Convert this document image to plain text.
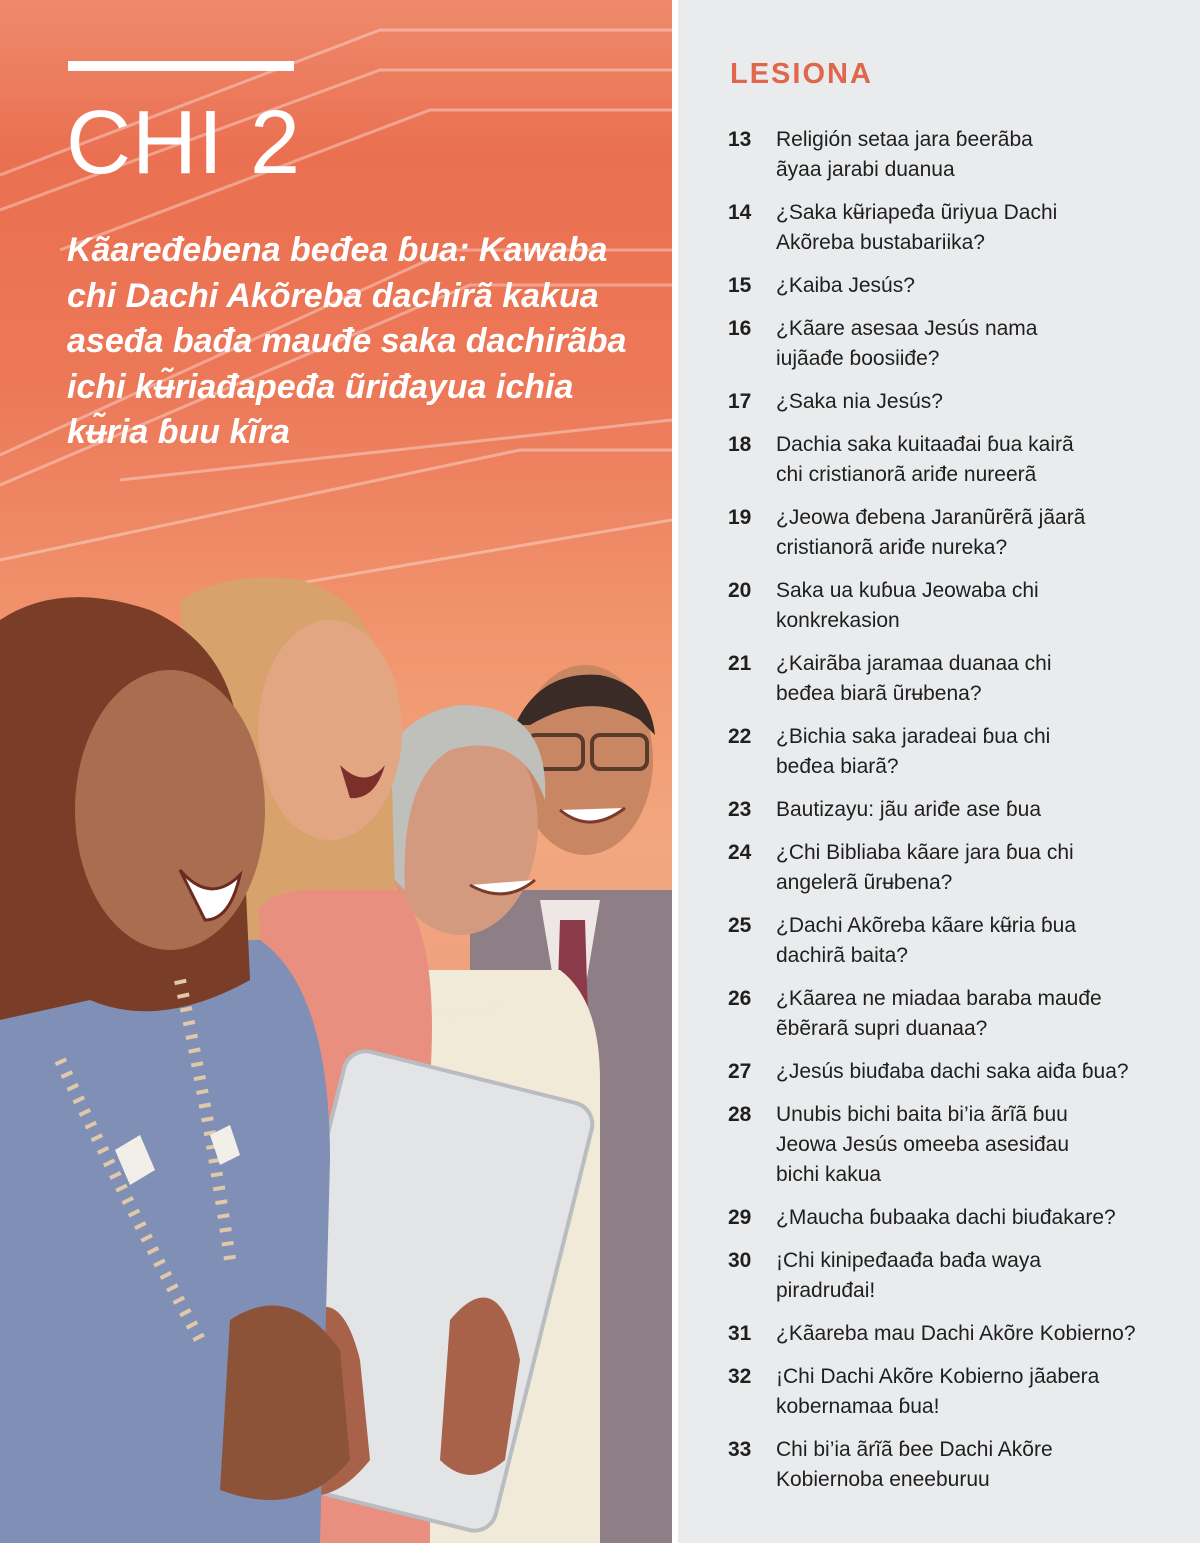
CHI 2

Kãaređebena beđea ɓua: Kawaba chi Dachi Akõreba dachirã kakua aseđa bađa mauđe saka dachirãba ichi kʉ̃riađapeđa ũriđayua ichia kʉ̃ria ɓuu kĩra

LESIONA
13	Religión setaa jara ɓeerãba
ãyaa jarabi duanua
14	¿Saka kʉ̃riapeđa ũriyua Dachi
Akõreba bustabariika?
15	¿Kaiba Jesús?
16	¿Kãare asesaa Jesús nama
iujãađe ɓoosiiđe?
17	¿Saka nia Jesús?
18	Dachia saka kuitaađai ɓua kairã
chi cristianorã ariđe nureerã
19	¿Jeowa đebena Jaranũrẽrã jãarã
cristianorã ariđe nureka?
20	Saka ua kuɓua Jeowaba chi
konkrekasion
21	¿Kairãba jaramaa duanaa chi
beđea biarã ũrʉbena?
22	¿Bichia saka jaradeai ɓua chi
beđea biarã?
23	Bautizayu: jãu ariđe ase ɓua
24	¿Chi Bibliaba kãare jara ɓua chi
angelerã ũrʉbena?
25	¿Dachi Akõreba kãare kʉ̃ria ɓua
dachirã baita?
26	¿Kãarea ne miadaa baraba mauđe
ẽbẽrarã supri duanaa?
27	¿Jesús biuđaba dachi saka aiđa ɓua?
28	Unubis bichi baita bi’ia ãrĩã ɓuu
Jeowa Jesús omeeba asesiđau
bichi kakua
29	¿Maucha ɓubaaka dachi biuđakare?
30	¡Chi kinipeđaađa bađa waya
piradruđai!
31	¿Kãareba mau Dachi Akõre Kobierno?
32	¡Chi Dachi Akõre Kobierno jãabera
kobernamaa ɓua!
33	Chi bi’ia ãrĩã ɓee Dachi Akõre
Kobiernoba eneeburuu
